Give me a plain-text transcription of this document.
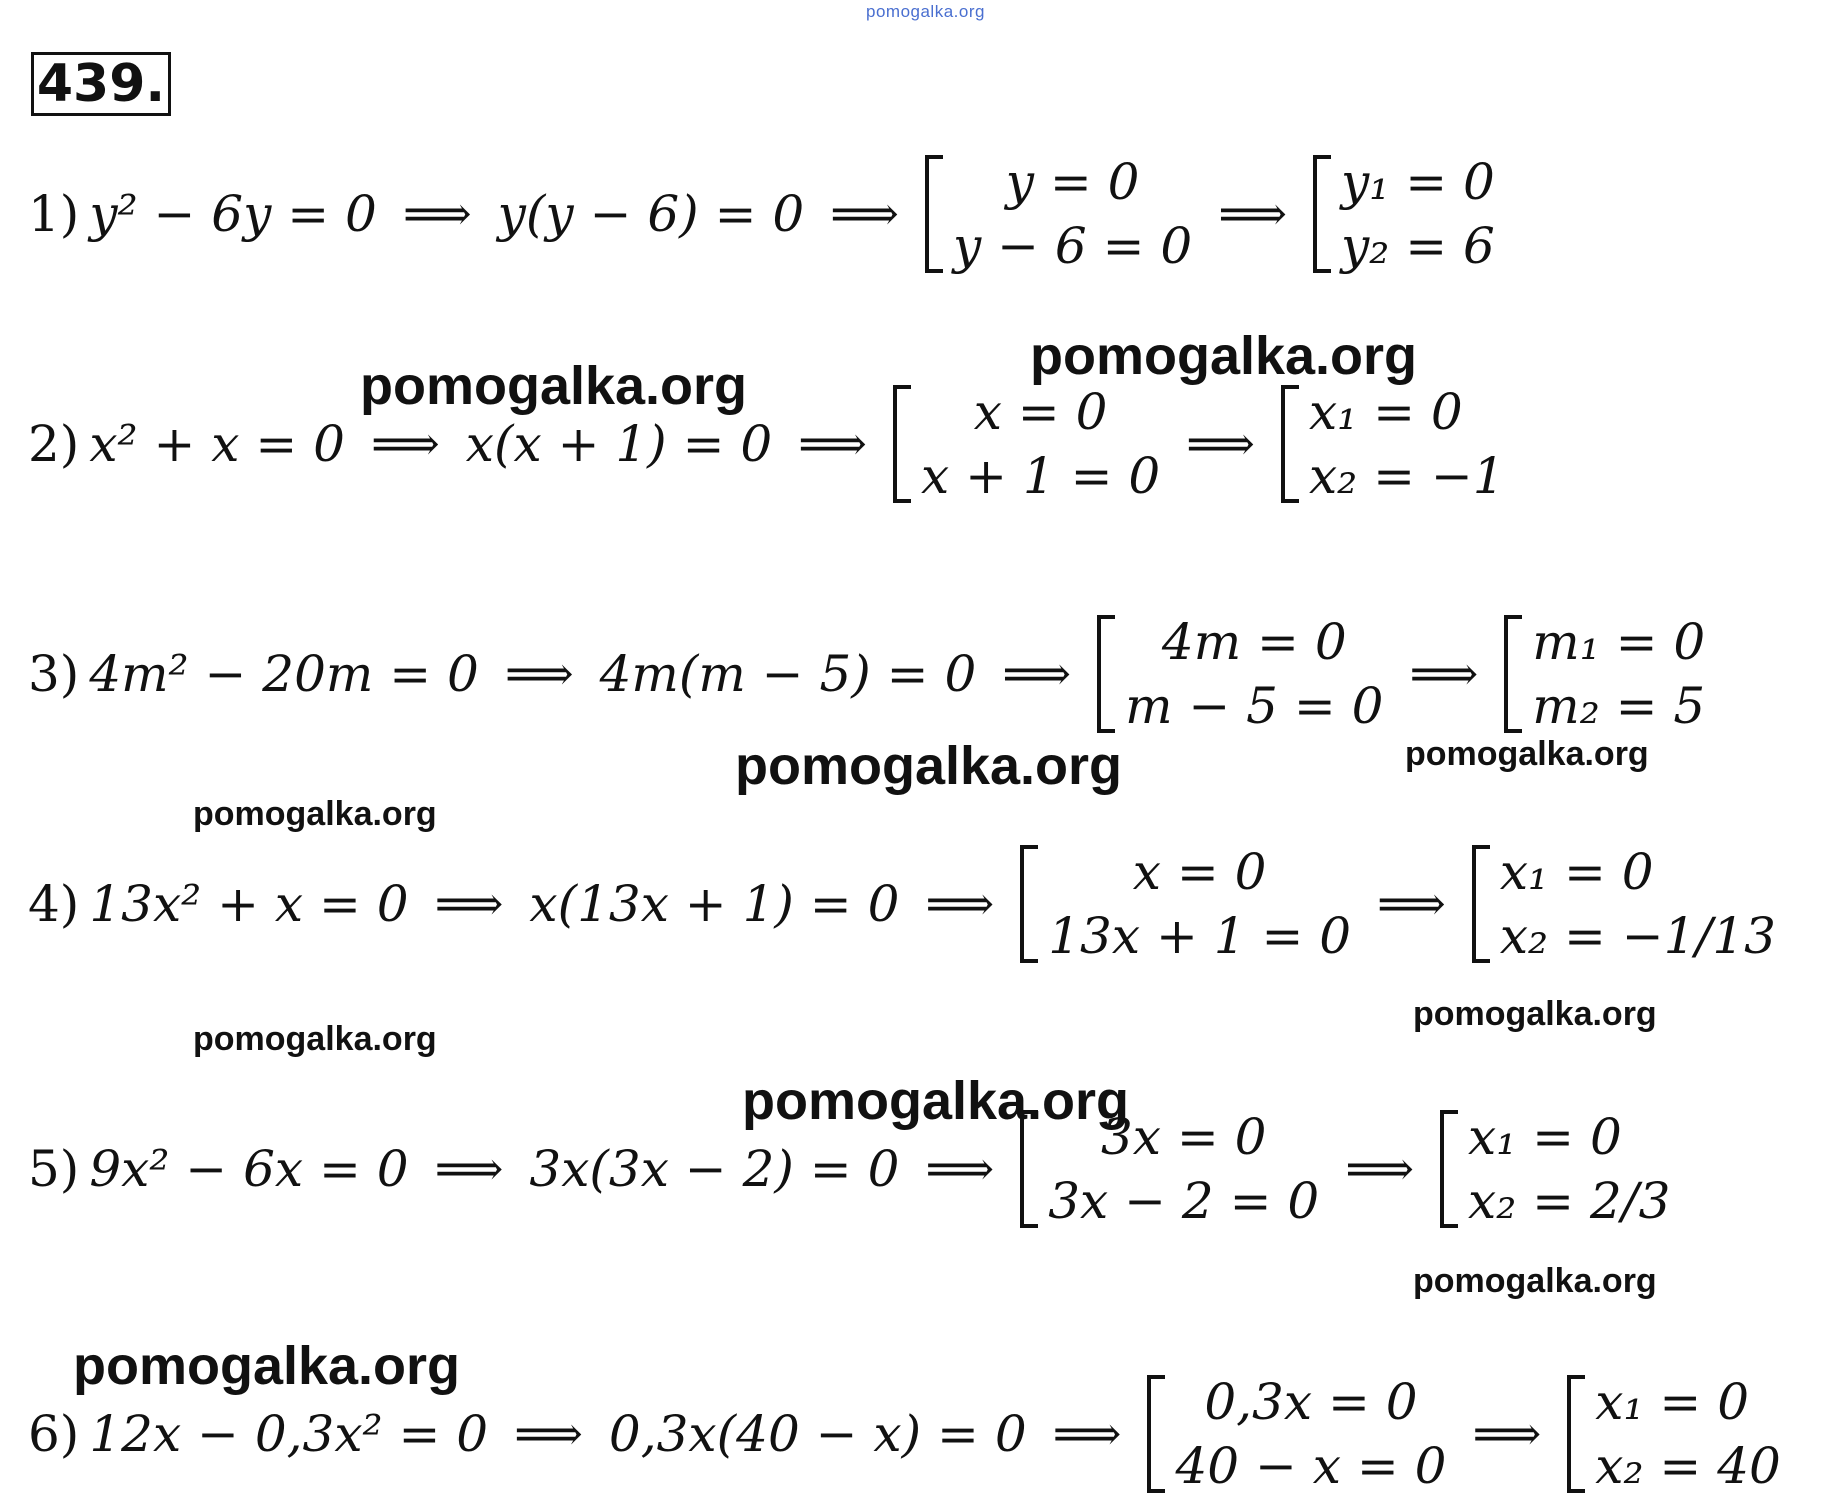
pomogalka.org
439.
1) y² − 6y = 0 ⟹ y(y − 6) = 0 ⟹
y = 0
y − 6 = 0
⟹
y₁ = 0
y₂ = 6
2) x² + x = 0 ⟹ x(x + 1) = 0 ⟹
x = 0
x + 1 = 0
⟹
x₁ = 0
x₂ = −1
3) 4m² − 20m = 0 ⟹ 4m(m − 5) = 0 ⟹
4m = 0
m − 5 = 0
⟹
m₁ = 0
m₂ = 5
4) 13x² + x = 0 ⟹ x(13x + 1) = 0 ⟹
x = 0
13x + 1 = 0
⟹
x₁ = 0
x₂ = −1/13
5) 9x² − 6x = 0 ⟹ 3x(3x − 2) = 0 ⟹
3x = 0
3x − 2 = 0
⟹
x₁ = 0
x₂ = 2/3
6) 12x − 0,3x² = 0 ⟹ 0,3x(40 − x) = 0 ⟹
0,3x = 0
40 − x = 0
⟹
x₁ = 0
x₂ = 40
pomogalka.org
pomogalka.org
pomogalka.org	pomogalka.org
pomogalka.org
pomogalka.org
pomogalka.org
pomogalka.org
pomogalka.org
pomogalka.org
